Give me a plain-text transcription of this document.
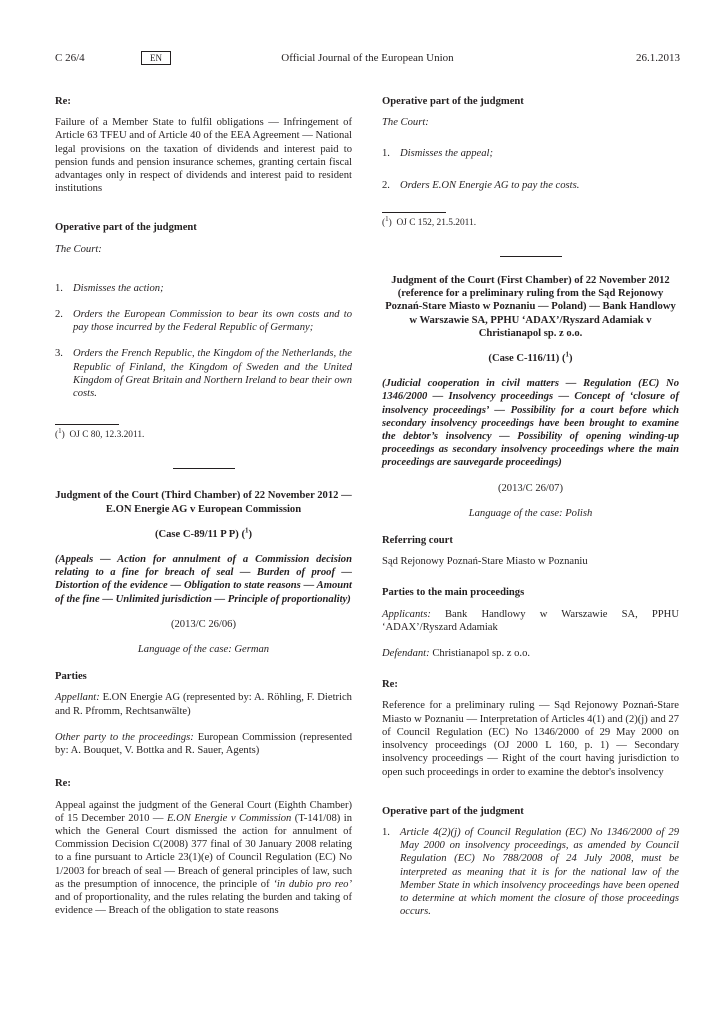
C 26/4	EN	Official Journal of the European Union	26.1.2013

Re:

Failure of a Member State to fulfil obligations — Infringement of Article 63 TFEU and of Article 40 of the EEA Agreement — National legal provisions on the taxation of dividends and interest paid to pension funds and pension insurance schemes, granting certain fiscal advantages only in respect of dividends and interest paid to resident institutions

Operative part of the judgment

The Court:

1. Dismisses the action;
2. Orders the European Commission to bear its own costs and to pay those incurred by the Federal Republic of Germany;
3. Orders the French Republic, the Kingdom of the Netherlands, the Republic of Finland, the Kingdom of Sweden and the United Kingdom of Great Britain and Northern Ireland to bear their own costs.

($^1$)  OJ C 80, 12.3.2011.

Judgment of the Court (Third Chamber) of 22 November 2012 — E.ON Energie AG v European Commission

(Case C-89/11 P P) ($^1$)

(Appeals — Action for annulment of a Commission decision relating to a fine for breach of seal — Burden of proof — Distortion of the evidence — Obligation to state reasons — Amount of the fine — Unlimited jurisdiction — Principle of proportionality)

(2013/C 26/06)

Language of the case: German

Parties

Appellant: E.ON Energie AG (represented by: A. Röhling, F. Dietrich and R. Pfromm, Rechtsanwälte)

Other party to the proceedings: European Commission (represented by: A. Bouquet, V. Bottka and R. Sauer, Agents)

Re:

Appeal against the judgment of the General Court (Eighth Chamber) of 15 December 2010 — E.ON Energie v Commission (T-141/08) in which the General Court dismissed the action for annulment of Commission Decision C(2008) 377 final of 30 January 2008 relating to a fine pursuant to Article 23(1)(e) of Council Regulation (EC) No 1/2003 for breach of seal — Breach of general principles of law, such as the presumption of innocence, the principle of ‘in dubio pro reo’ and of proportionality, and the rules relating the burden and taking of evidence — Breach of the obligation to state reasons

Operative part of the judgment

The Court:

1. Dismisses the appeal;
2. Orders E.ON Energie AG to pay the costs.

($^1$)  OJ C 152, 21.5.2011.

Judgment of the Court (First Chamber) of 22 November 2012 (reference for a preliminary ruling from the Sąd Rejonowy Poznań-Stare Miasto w Poznaniu — Poland) — Bank Handlowy w Warszawie SA, PPHU ‘ADAX’/Ryszard Adamiak v Christianapol sp. z o.o.

(Case C-116/11) ($^1$)

(Judicial cooperation in civil matters — Regulation (EC) No 1346/2000 — Insolvency proceedings — Concept of ‘closure of insolvency proceedings’ — Possibility for a court before which secondary insolvency proceedings have been brought to examine the debtor’s insolvency — Possibility of opening winding-up proceedings as secondary insolvency proceedings where the main proceedings are sauvegarde proceedings)

(2013/C 26/07)

Language of the case: Polish

Referring court

Sąd Rejonowy Poznań-Stare Miasto w Poznaniu

Parties to the main proceedings

Applicants: Bank Handlowy w Warszawie SA, PPHU ‘ADAX’/Ryszard Adamiak

Defendant: Christianapol sp. z o.o.

Re:

Reference for a preliminary ruling — Sąd Rejonowy Poznań-Stare Miasto w Poznaniu — Interpretation of Articles 4(1) and (2)(j) and 27 of Council Regulation (EC) No 1346/2000 of 29 May 2000 on insolvency proceedings (OJ 2000 L 160, p. 1) — Secondary insolvency proceedings — Right of the court having jurisdiction to open such proceedings in order to examine the debtor's insolvency

Operative part of the judgment

1. Article 4(2)(j) of Council Regulation (EC) No 1346/2000 of 29 May 2000 on insolvency proceedings, as amended by Council Regulation (EC) No 788/2008 of 24 July 2008, must be interpreted as meaning that it is for the national law of the Member State in which insolvency proceedings have been opened to determine at which moment the closure of those proceedings occurs.
